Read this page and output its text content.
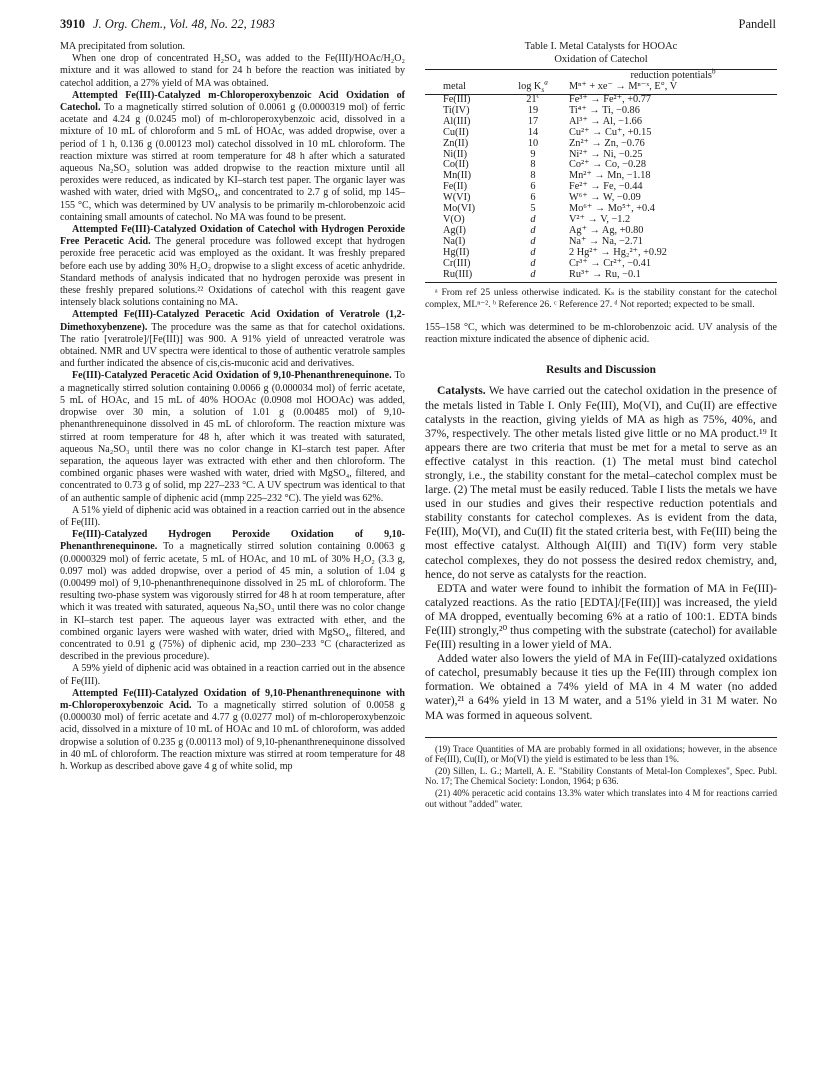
3910 J. Org. Chem., Vol. 48, No. 22, 1983	Pandell

MA precipitated from solution.

When one drop of concentrated H₂SO₄ was added to the Fe(III)/HOAc/H₂O₂ mixture and it was allowed to stand for 24 h before the reaction was initiated by catechol addition, a 27% yield of MA was obtained.

Attempted Fe(III)-Catalyzed m-Chloroperoxybenzoic Acid Oxidation of Catechol. To a magnetically stirred solution of 0.0061 g (0.0000319 mol) of ferric acetate and 4.24 g (0.0245 mol) of m-chloroperoxybenzoic acid, dissolved in a mixture of 10 mL of chloroform and 5 mL of HOAc, was added dropwise, over a period of 1 h, 0.136 g (0.00123 mol) catechol dissolved in 10 mL chloroform. The reaction mixture was stirred at room temperature for 48 h after which a saturated aqueous Na₂SO₃ solution was added dropwise to the reaction mixture until all peroxides were reduced, as indicated by KI–starch test paper. The organic layer was washed with water, dried with MgSO₄, and concentrated to 2.7 g of solid, mp 145–155 °C, which was determined by UV analysis to be primarily m-chlorobenzoic acid containing small amounts of catechol. No MA was found to be present.

Attempted Fe(III)-Catalyzed Oxidation of Catechol with Hydrogen Peroxide Free Peracetic Acid. The general procedure was followed except that hydrogen peroxide free peracetic acid was employed as the oxidant. It was freshly prepared before each use by adding 30% H₂O₂ dropwise to a slight excess of acetic anhydride. Standard methods of analysis indicated that no hydrogen peroxide was present in these freshly prepared solutions.²² Oxidations of catechol with this reagent gave intensely black solutions containing no MA.

Attempted Fe(III)-Catalyzed Peracetic Acid Oxidation of Veratrole (1,2-Dimethoxybenzene). The procedure was the same as that for catechol oxidations. The ratio [veratrole]/[Fe(III)] was 900. A 91% yield of unreacted veratrole was obtained. NMR and UV spectra were identical to those of authentic veratrole samples and further indicated the absence of cis,cis-muconic acid and derivatives.

Fe(III)-Catalyzed Peracetic Acid Oxidation of 9,10-Phenanthrenequinone. To a magnetically stirred solution containing 0.0066 g (0.000034 mol) of ferric acetate, 5 mL of HOAc, and 15 mL of 40% HOOAc (0.0908 mol HOOAc) was added, dropwise over 30 min, a solution of 1.01 g (0.00485 mol) of 9,10-phenanthrenequinone dissolved in 45 mL of chloroform. The reaction mixture was stirred at room temperature for 48 h, after which it was treated with saturated, aqueous Na₂SO₃ until there was no color change in KI–starch test paper. After separation, the aqueous layer was extracted with ether and then chloroform. The combined organic phases were washed with water, dried with MgSO₄, filtered, and concentrated to 0.73 g of solid, mp 227–233 °C. A UV spectrum was identical to that of an authentic sample of diphenic acid (mmp 225–232 °C). The yield was 62%.

A 51% yield of diphenic acid was obtained in a reaction carried out in the absence of Fe(III).

Fe(III)-Catalyzed Hydrogen Peroxide Oxidation of 9,10-Phenanthrenequinone. To a magnetically stirred solution containing 0.0063 g (0.0000329 mol) of ferric acetate, 5 mL of HOAc, and 10 mL of 30% H₂O₂ (3.3 g, 0.097 mol) was added dropwise, over a period of 45 min, a solution of 1.04 g (0.00499 mol) of 9,10-phenanthrenequinone dissolved in 25 mL of chloroform. The resulting two-phase system was vigorously stirred for 48 h at room temperature, after which it was treated with saturated, aqueous Na₂SO₃ until there was no color change in KI–starch test paper. The aqueous layer was extracted with ether, and the combined organic layers were washed with water, dried with MgSO₄, filtered, and concentrated to 0.91 g (75%) of diphenic acid, mp 230–233 °C (characterized as described in the previous procedure).

A 59% yield of diphenic acid was obtained in a reaction carried out in the absence of Fe(III).

Attempted Fe(III)-Catalyzed Oxidation of 9,10-Phenanthrenequinone with m-Chloroperoxybenzoic Acid. To a magnetically stirred solution of 0.0058 g (0.000030 mol) of ferric acetate and 4.77 g (0.0277 mol) of m-chloroperoxybenzoic acid, dissolved in a mixture of 10 mL of HOAc and 10 mL of chloroform, was added dropwise a solution of 0.235 g (0.00113 mol) of 9,10-phenanthrenequinone dissolved in 40 mL of chloroform. The reaction mixture was stirred at room temperature for 48 h. Workup as described above gave 4 g of white solid, mp

Table I. Metal Catalysts for HOOAc
Oxidation of Catechol
		reduction potentials$^b$
metal	$\log K_s^a$	Mⁿ⁺ + xe⁻ → Mⁿ⁻ˣ, E°, V
Fe(III)	21$^c$	Fe³⁺ → Fe²⁺, +0.77
Ti(IV)	19	Ti⁴⁺ → Ti, −0.86
Al(III)	17	Al³⁺ → Al, −1.66
Cu(II)	14	Cu²⁺ → Cu⁺, +0.15
Zn(II)	10	Zn²⁺ → Zn, −0.76
Ni(II)	9	Ni²⁺ → Ni, −0.25
Co(II)	8	Co²⁺ → Co, −0.28
Mn(II)	8	Mn²⁺ → Mn, −1.18
Fe(II)	6	Fe²⁺ → Fe, −0.44
W(VI)	6	W⁶⁺ → W, −0.09
Mo(VI)	5	Mo⁶⁺ → Mo⁵⁺, +0.4
V(O)	d	V²⁺ → V, −1.2
Ag(I)	d	Ag⁺ → Ag, +0.80
Na(I)	d	Na⁺ → Na, −2.71
Hg(II)	d	2 Hg²⁺ → Hg₂²⁺, +0.92
Cr(III)	d	Cr³⁺ → Cr²⁺, −0.41
Ru(III)	d	Ru³⁺ → Ru, −0.1

ᵃ From ref 25 unless otherwise indicated. Kₛ is the stability constant for the catechol complex, MLⁿ⁻². ᵇ Reference 26. ᶜ Reference 27. ᵈ Not reported; expected to be small.

155–158 °C, which was determined to be m-chlorobenzoic acid. UV analysis of the reaction mixture indicated the absence of diphenic acid.
Results and Discussion

Catalysts. We have carried out the catechol oxidation in the presence of the metals listed in Table I. Only Fe(III), Mo(VI), and Cu(II) are effective catalysts in the reaction, giving yields of MA as high as 75%, 40%, and 37%, respectively. The other metals listed give little or no MA product.¹⁹ It appears there are two criteria that must be met for a metal to serve as an effective catalyst in this reaction. (1) The metal must bind catechol strongly, i.e., the stability constant for the metal–catechol complex must be large. (2) The metal must be easily reduced. Table I lists the metals we have used in our studies and gives their respective reduction potentials and stability constants for catechol complexes. As is evident from the data, Fe(III), Mo(VI), and Cu(II) fit the stated criteria best, with Fe(III) being the most effective catalyst. Although Al(III) and Ti(IV) form very stable catechol complexes, they do not possess the desired redox chemistry, and, hence, do not serve as catalysts for the reaction.

EDTA and water were found to inhibit the formation of MA in Fe(III)-catalyzed reactions. As the ratio [EDTA]/[Fe(III)] was increased, the yield of MA dropped, eventually becoming 6% at a ratio of 100:1. EDTA binds Fe(III) strongly,²⁰ thus competing with the substrate (catechol) for available Fe(III) resulting in a lower yield of MA.

Added water also lowers the yield of MA in Fe(III)-catalyzed oxidations of catechol, presumably because it ties up the Fe(III) through complex ion formation. We obtained a 74% yield of MA in 4 M water (no added water),²¹ a 64% yield in 13 M water, and a 51% yield in 31 M water. No MA was formed in aqueous solvent.

(19) Trace Quantities of MA are probably formed in all oxidations; however, in the absence of Fe(III), Cu(II), or Mo(VI) the yield is estimated to be less than 1%.

(20) Sillen, L. G.; Martell, A. E. "Stability Constants of Metal-Ion Complexes", Spec. Publ. No. 17; The Chemical Society: London, 1964; p 636.

(21) 40% peracetic acid contains 13.3% water which translates into 4 M for reactions carried out without "added" water.
